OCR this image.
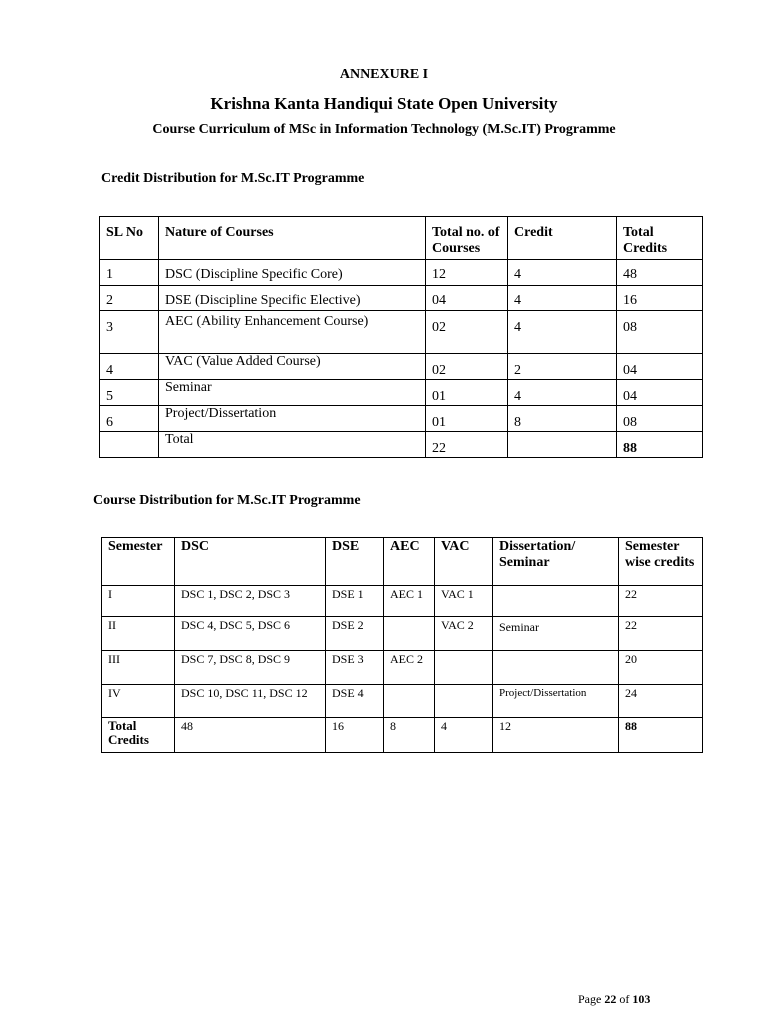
ANNEXURE I
Krishna Kanta Handiqui State Open University
Course Curriculum of MSc in Information Technology (M.Sc.IT) Programme
Credit Distribution for M.Sc.IT Programme
SL No	Nature of Courses	Total no. of Courses	Credit	Total Credits
1	DSC (Discipline Specific Core)	12	4	48
2	DSE (Discipline Specific Elective)	04	4	16
3	AEC (Ability Enhancement Course)	02	4	08
4	VAC (Value Added Course)	02	2	04
5	Seminar	01	4	04
6	Project/Dissertation	01	8	08
	Total	22		88
Course Distribution for M.Sc.IT Programme
Semester	DSC	DSE	AEC	VAC	Dissertation/ Seminar	Semester wise credits
I	DSC 1, DSC 2, DSC 3	DSE 1	AEC 1	VAC 1		22
II	DSC 4, DSC 5, DSC 6	DSE 2		VAC 2	Seminar	22
III	DSC 7, DSC 8, DSC 9	DSE 3	AEC 2			20
IV	DSC 10, DSC 11, DSC 12	DSE 4			Project/Dissertation	24
Total Credits	48	16	8	4	12	88
Page 22 of 103
